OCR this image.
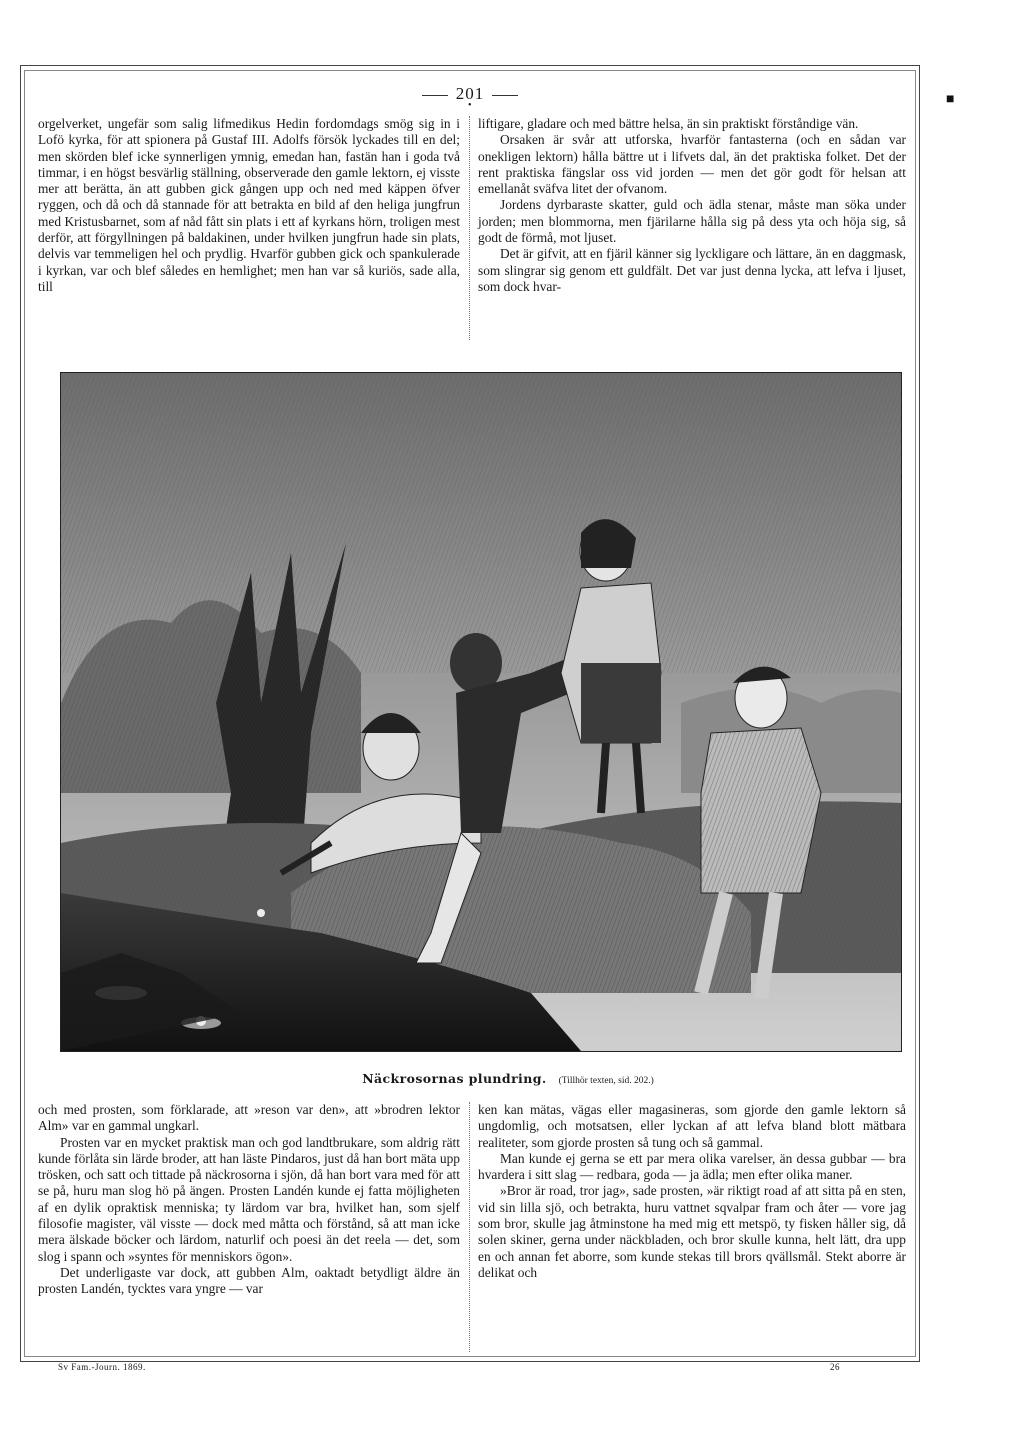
201
•	■

orgelverket, ungefär som salig lifmedikus Hedin fordomdags smög sig in i Lofö kyrka, för att spionera på Gustaf III. Adolfs försök lyckades till en del; men skörden blef icke synnerligen ymnig, emedan han, fastän han i goda två timmar, i en högst besvärlig ställning, observerade den gamle lektorn, ej visste mer att berätta, än att gubben gick gången upp och ned med käppen öfver ryggen, och då och då stannade för att betrakta en bild af den heliga jungfrun med Kristusbarnet, som af nåd fått sin plats i ett af kyrkans hörn, troligen mest derför, att förgyllningen på baldakinen, under hvilken jungfrun hade sin plats, delvis var temmeligen hel och prydlig. Hvarför gubben gick och spankulerade i kyrkan, var och blef således en hemlighet; men han var så kuriös, sade alla, till

liftigare, gladare och med bättre helsa, än sin praktiskt förståndige vän.

Orsaken är svår att utforska, hvarför fantasterna (och en sådan var onekligen lektorn) hålla bättre ut i lifvets dal, än det praktiska folket. Det der rent praktiska fängslar oss vid jorden — men det gör godt för helsan att emellanåt sväfva litet der ofvanom.

Jordens dyrbaraste skatter, guld och ädla stenar, måste man söka under jorden; men blommorna, men fjärilarne hålla sig på dess yta och höja sig, så godt de förmå, mot ljuset.

Det är gifvit, att en fjäril känner sig lyckligare och lättare, än en daggmask, som slingrar sig genom ett guldfält. Det var just denna lycka, att lefva i ljuset, som dock hvar-

Näckrosornas plundring. (Tillhör texten, sid. 202.)

och med prosten, som förklarade, att »reson var den», att »brodren lektor Alm» var en gammal ungkarl.

Prosten var en mycket praktisk man och god landtbrukare, som aldrig rätt kunde förlåta sin lärde broder, att han läste Pindaros, just då han bort mäta upp trösken, och satt och tittade på näckrosorna i sjön, då han bort vara med för att se på, huru man slog hö på ängen. Prosten Landén kunde ej fatta möjligheten af en dylik opraktisk menniska; ty lärdom var bra, hvilket han, som sjelf filosofie magister, väl visste — dock med måtta och förstånd, så att man icke mera älskade böcker och lärdom, naturlif och poesi än det reela — det, som slog i spann och »syntes för menniskors ögon».

Det underligaste var dock, att gubben Alm, oaktadt betydligt äldre än prosten Landén, tycktes vara yngre — var

ken kan mätas, vägas eller magasineras, som gjorde den gamle lektorn så ungdomlig, och motsatsen, eller lyckan af att lefva bland blott mätbara realiteter, som gjorde prosten så tung och så gammal.

Man kunde ej gerna se ett par mera olika varelser, än dessa gubbar — bra hvardera i sitt slag — redbara, goda — ja ädla; men efter olika maner.

»Bror är road, tror jag», sade prosten, »är riktigt road af att sitta på en sten, vid sin lilla sjö, och betrakta, huru vattnet sqvalpar fram och åter — vore jag som bror, skulle jag åtminstone ha med mig ett metspö, ty fisken håller sig, då solen skiner, gerna under näckbladen, och bror skulle kunna, helt lätt, dra upp en och annan fet aborre, som kunde stekas till brors qvällsmål. Stekt aborre är delikat och

Sv Fam.-Journ. 1869.	26
